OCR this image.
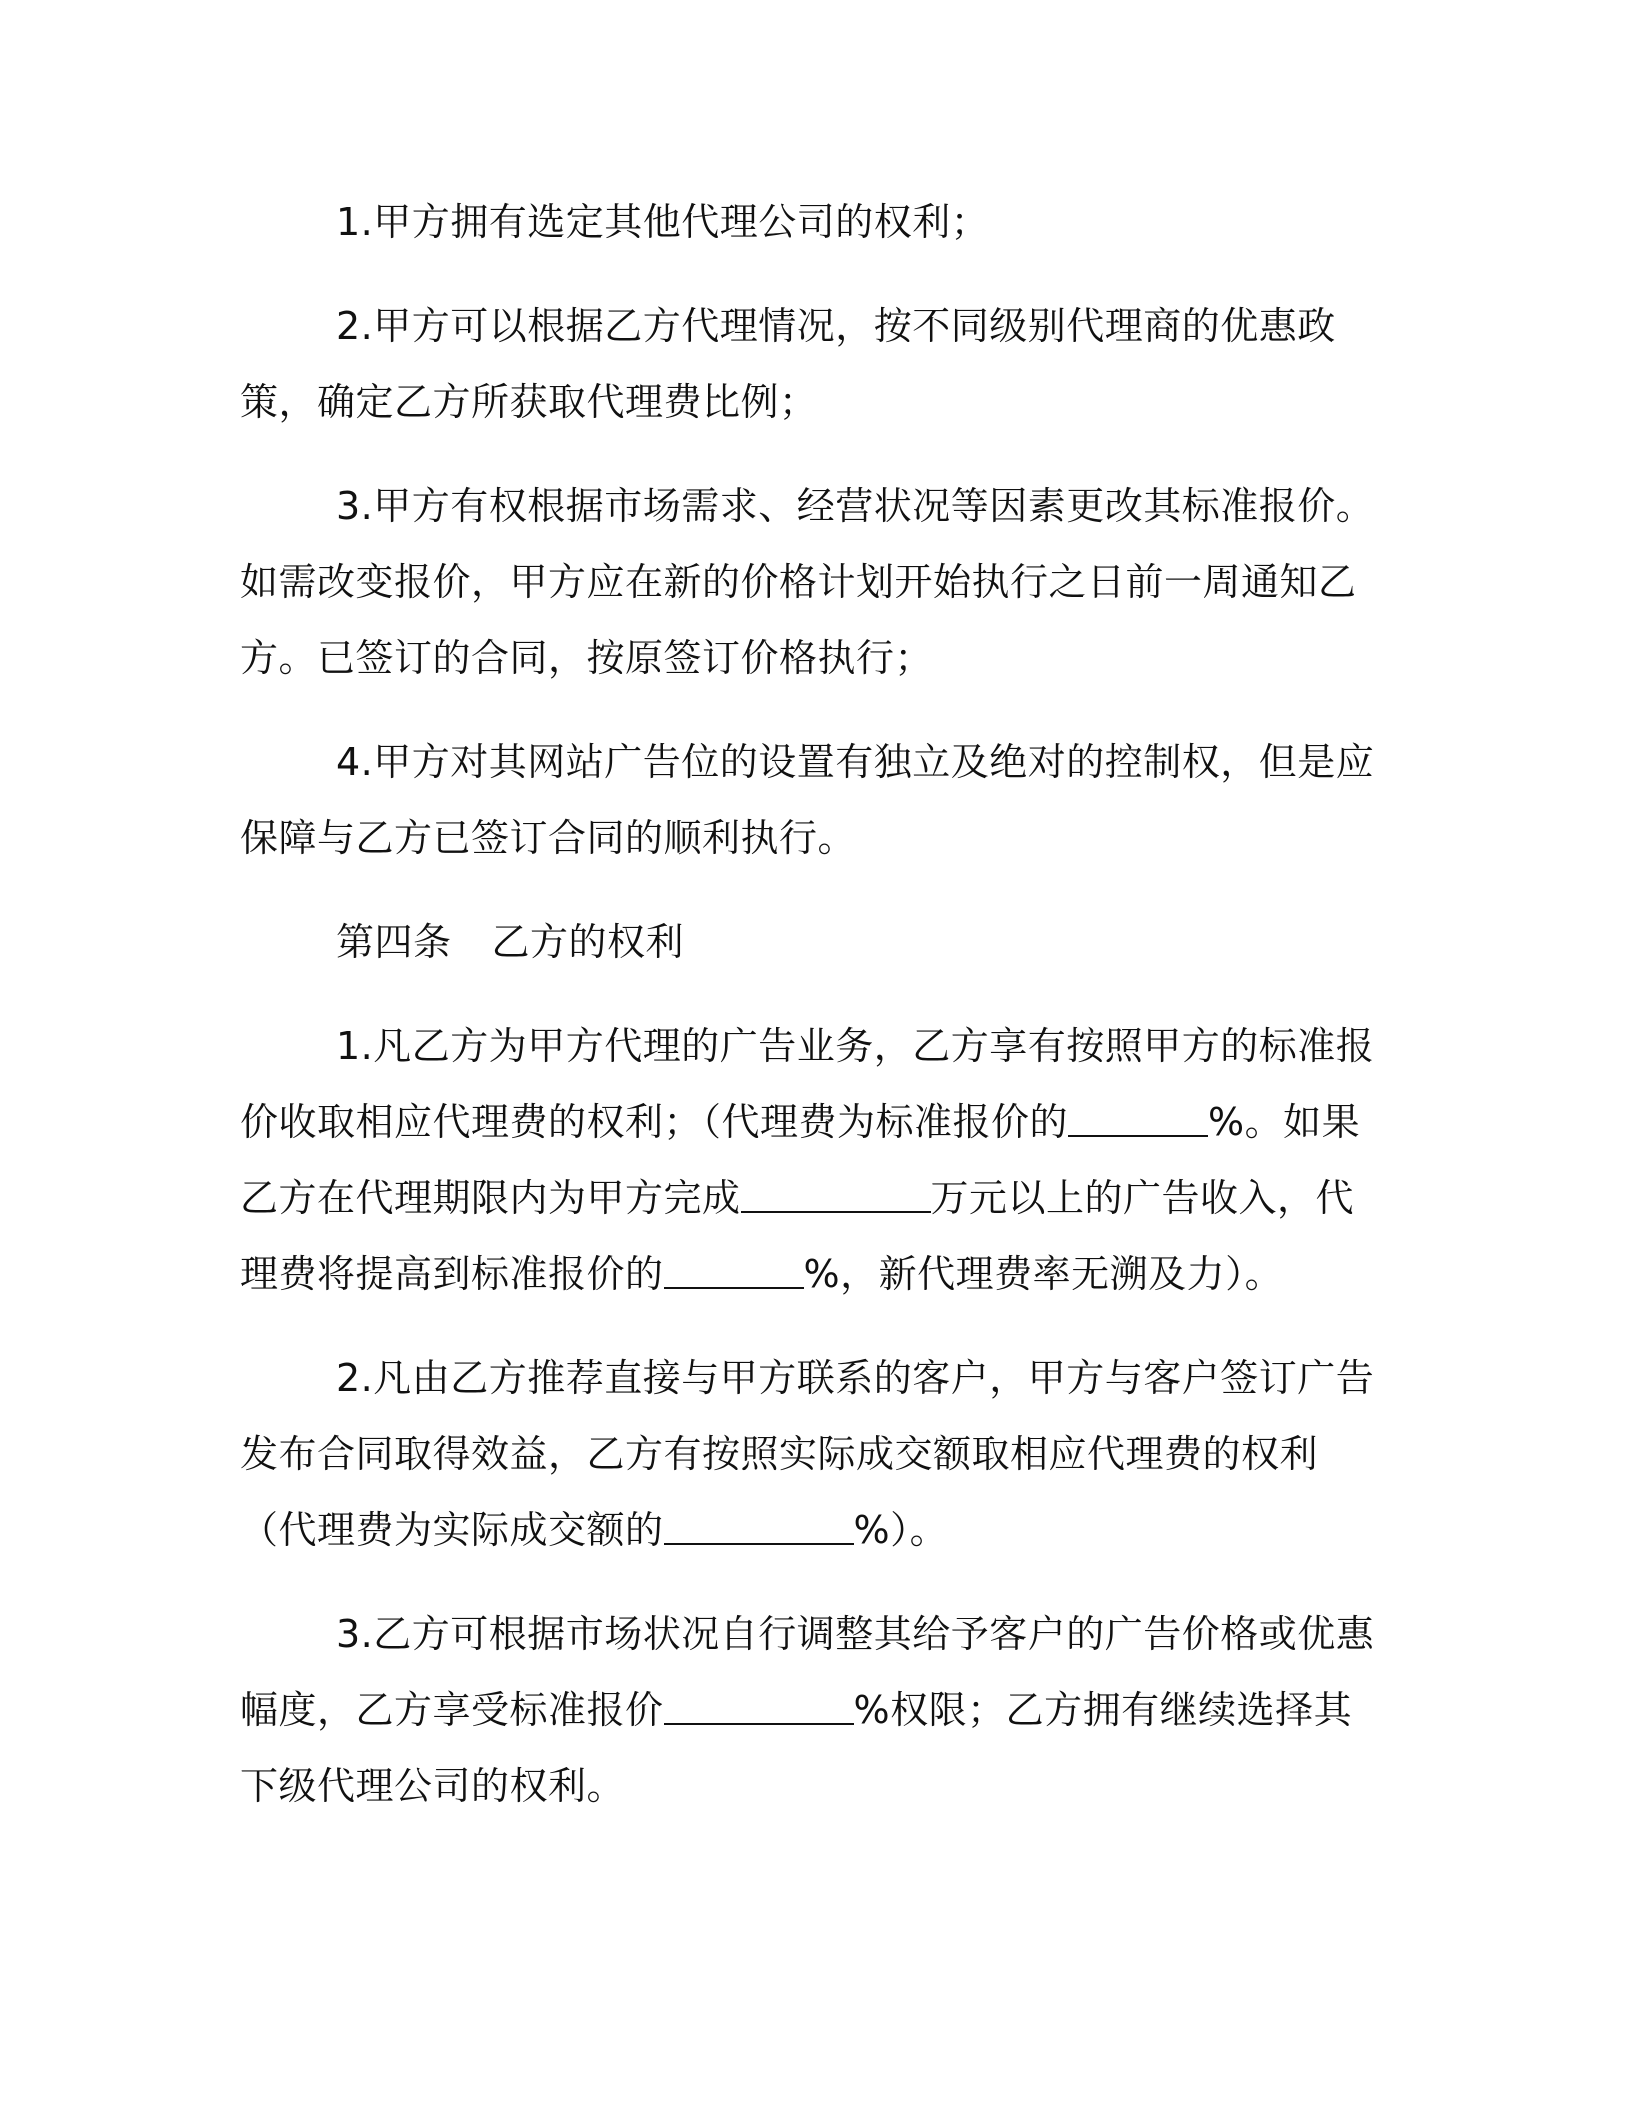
1.甲方拥有选定其他代理公司的权利；

2.甲方可以根据乙方代理情况，按不同级别代理商的优惠政策，确定乙方所获取代理费比例；

3.甲方有权根据市场需求、经营状况等因素更改其标准报价。如需改变报价，甲方应在新的价格计划开始执行之日前一周通知乙方。已签订的合同，按原签订价格执行；

4.甲方对其网站广告位的设置有独立及绝对的控制权，但是应保障与乙方已签订合同的顺利执行。

第四条 乙方的权利

1.凡乙方为甲方代理的广告业务，乙方享有按照甲方的标准报价收取相应代理费的权利；（代理费为标准报价的	%。如果乙方在代理期限内为甲方完成	万元以上的广告收入，代理费将提高到标准报价的	%，新代理费率无溯及力）。

2.凡由乙方推荐直接与甲方联系的客户，甲方与客户签订广告发布合同取得效益，乙方有按照实际成交额取相应代理费的权利（代理费为实际成交额的	%）。

3.乙方可根据市场状况自行调整其给予客户的广告价格或优惠幅度，乙方享受标准报价	%权限；乙方拥有继续选择其下级代理公司的权利。
